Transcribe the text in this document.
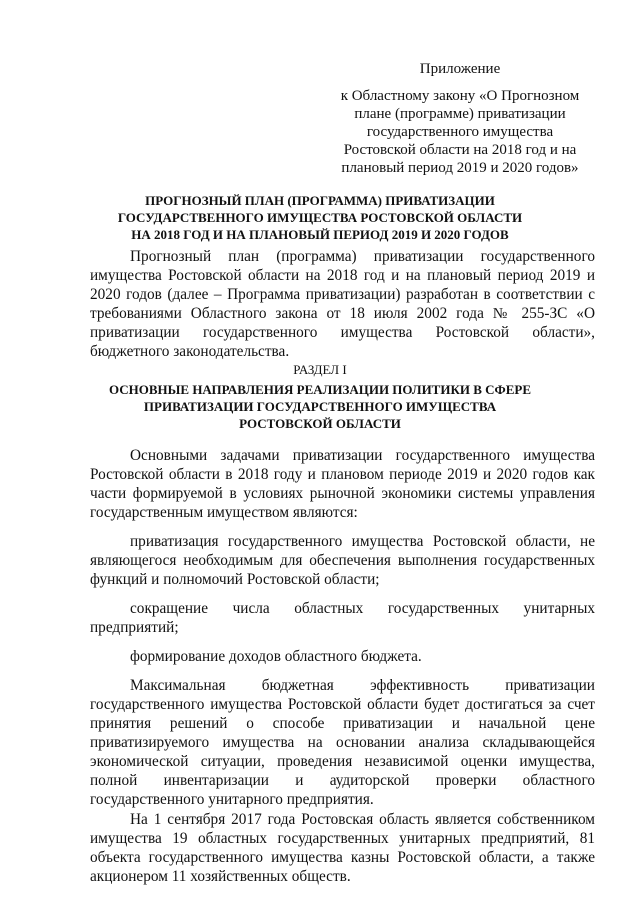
Приложение
к Областному закону «О Прогнозном
плане (программе) приватизации
государственного имущества
Ростовской области на 2018 год и на
плановый период 2019 и 2020 годов»
ПРОГНОЗНЫЙ ПЛАН (ПРОГРАММА) ПРИВАТИЗАЦИИ
ГОСУДАРСТВЕННОГО ИМУЩЕСТВА РОСТОВСКОЙ ОБЛАСТИ
НА 2018 ГОД И НА ПЛАНОВЫЙ ПЕРИОД 2019 И 2020 ГОДОВ

Прогнозный план (программа) приватизации государственного имущества Ростовской области на 2018 год и на плановый период 2019 и 2020 годов (далее – Программа приватизации) разработан в соответствии с требованиями Областного закона от 18 июля 2002 года № 255-ЗС «О приватизации государственного имущества Ростовской области», бюджетного законодательства.

РАЗДЕЛ I
ОСНОВНЫЕ НАПРАВЛЕНИЯ РЕАЛИЗАЦИИ ПОЛИТИКИ В СФЕРЕ
ПРИВАТИЗАЦИИ ГОСУДАРСТВЕННОГО ИМУЩЕСТВА
РОСТОВСКОЙ ОБЛАСТИ

Основными задачами приватизации государственного имущества Ростовской области в 2018 году и плановом периоде 2019 и 2020 годов как части формируемой в условиях рыночной экономики системы управления государственным имуществом являются:

приватизация государственного имущества Ростовской области, не являющегося необходимым для обеспечения выполнения государственных функций и полномочий Ростовской области;

сокращение числа областных государственных унитарных предприятий;

формирование доходов областного бюджета.

Максимальная бюджетная эффективность приватизации государственного имущества Ростовской области будет достигаться за счет принятия решений о способе приватизации и начальной цене приватизируемого имущества на основании анализа складывающейся экономической ситуации, проведения независимой оценки имущества, полной инвентаризации и аудиторской проверки областного государственного унитарного предприятия.

На 1 сентября 2017 года Ростовская область является собственником имущества 19 областных государственных унитарных предприятий, 81 объекта государственного имущества казны Ростовской области, а также акционером 11 хозяйственных обществ.
